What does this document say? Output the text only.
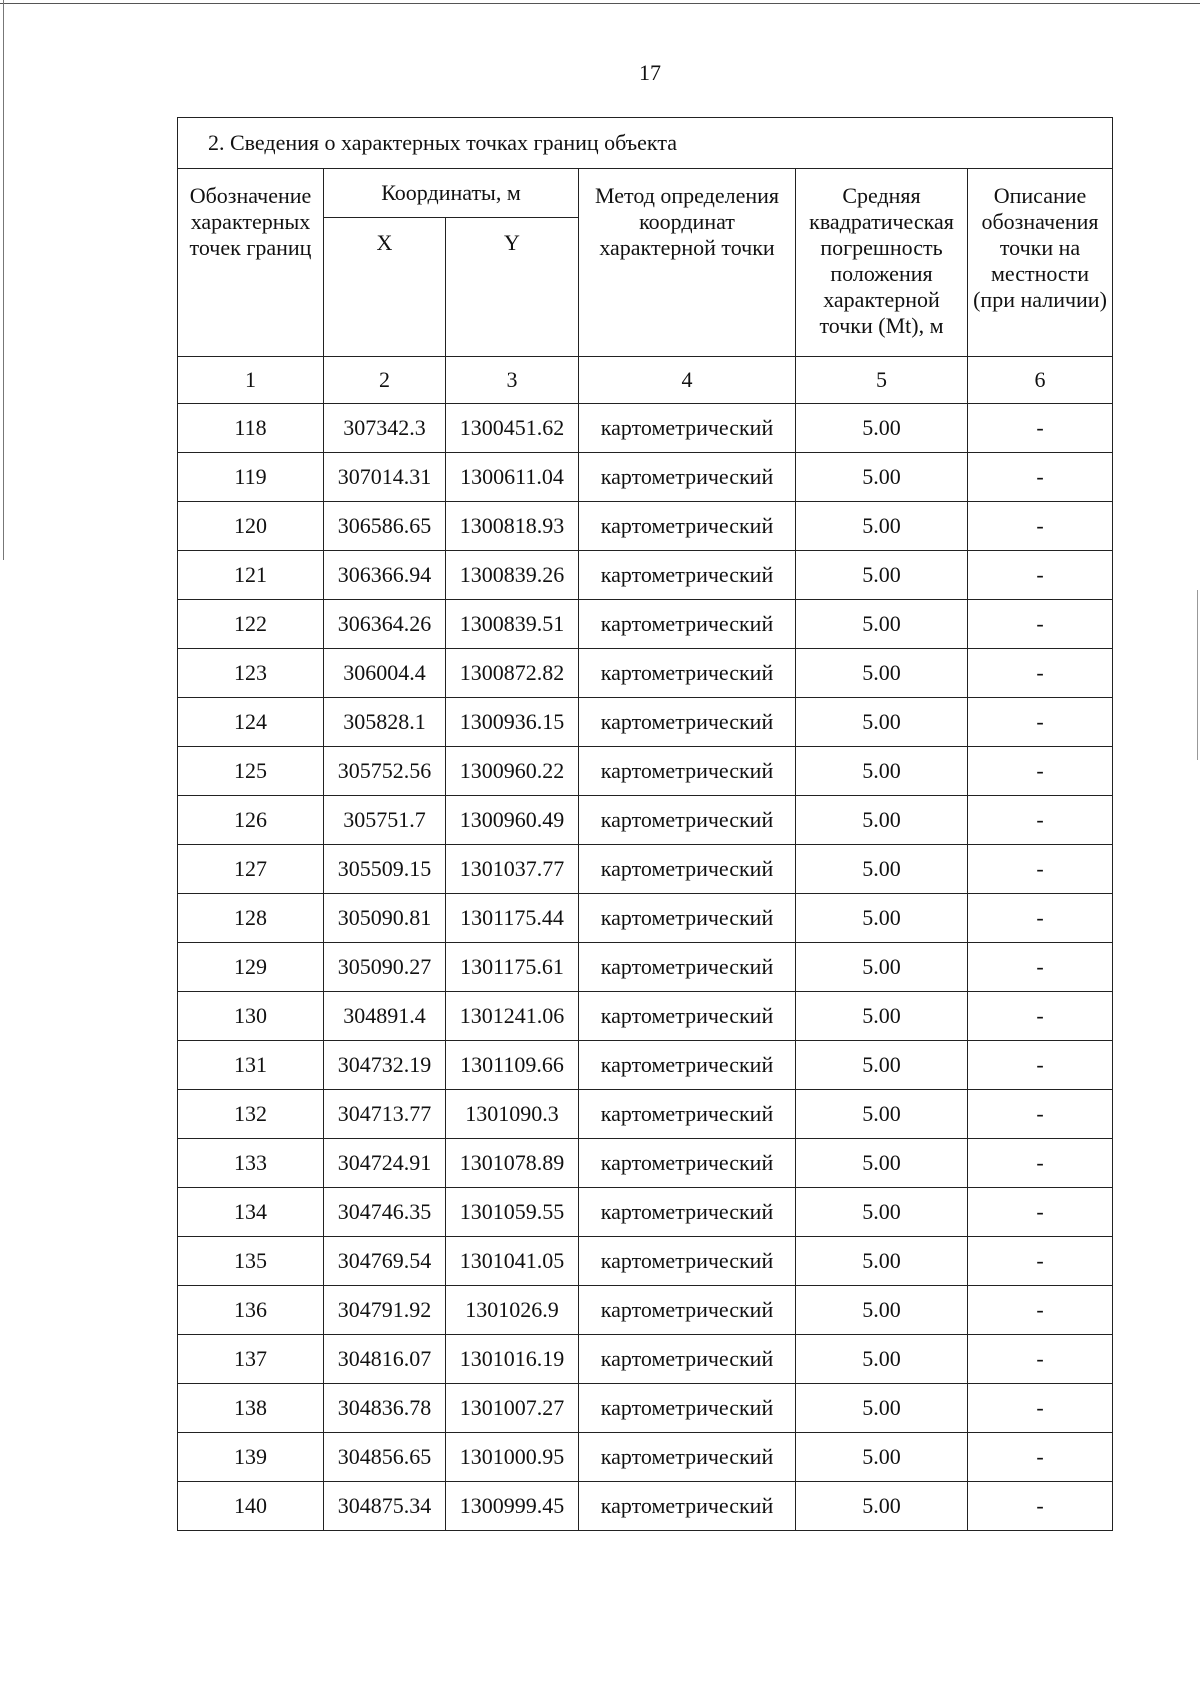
17
2. Сведения о характерных точках границ объекта					
Обозначение характерных точек границ	Координаты, м		Метод определения координат характерной точки	Средняя квадратическая погрешность положения характерной точки (Mt), м	Описание обозначения точки на местности (при наличии)
	X	Y			
1	2	3	4	5	6
118	307342.3	1300451.62	картометрический	5.00	-
119	307014.31	1300611.04	картометрический	5.00	-
120	306586.65	1300818.93	картометрический	5.00	-
121	306366.94	1300839.26	картометрический	5.00	-
122	306364.26	1300839.51	картометрический	5.00	-
123	306004.4	1300872.82	картометрический	5.00	-
124	305828.1	1300936.15	картометрический	5.00	-
125	305752.56	1300960.22	картометрический	5.00	-
126	305751.7	1300960.49	картометрический	5.00	-
127	305509.15	1301037.77	картометрический	5.00	-
128	305090.81	1301175.44	картометрический	5.00	-
129	305090.27	1301175.61	картометрический	5.00	-
130	304891.4	1301241.06	картометрический	5.00	-
131	304732.19	1301109.66	картометрический	5.00	-
132	304713.77	1301090.3	картометрический	5.00	-
133	304724.91	1301078.89	картометрический	5.00	-
134	304746.35	1301059.55	картометрический	5.00	-
135	304769.54	1301041.05	картометрический	5.00	-
136	304791.92	1301026.9	картометрический	5.00	-
137	304816.07	1301016.19	картометрический	5.00	-
138	304836.78	1301007.27	картометрический	5.00	-
139	304856.65	1301000.95	картометрический	5.00	-
140	304875.34	1300999.45	картометрический	5.00	-
